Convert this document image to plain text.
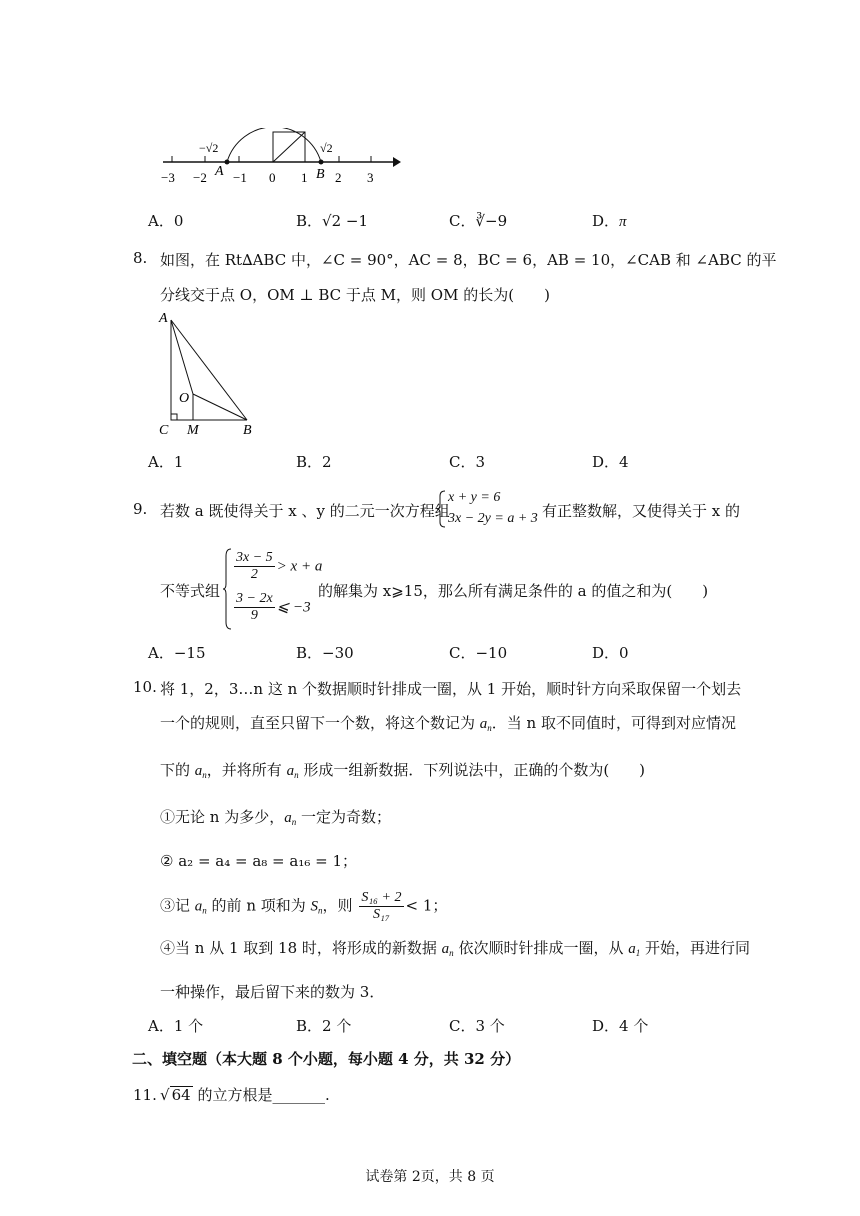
−3 −2 −1 0 1 2 3
A	B
−√2	√2
A．0	B．√2 −1	C．∛−9	D．π
8. 如图，在 Rt∆ABC 中，∠C = 90°，AC = 8，BC = 6，AB = 10，∠CAB 和 ∠ABC 的平
分线交于点 O，OM ⊥ BC 于点 M，则 OM 的长为(　　)
A
O
C M	B
A．1	B．2	C．3	D．4
9. 若数 a 既使得关于 x 、y 的二元一次方程组
x + y = 6
3x − 2y = a + 3 有正整数解，又使得关于 x 的
不等式组
$\frac{3x - 5}{2} > x + a$
$\frac{3 - 2x}{9}$ ⩽ −3
的解集为 x⩾15，那么所有满足条件的 a 的值之和为(　　)
A．−15	B．−30	C．−10	D．0
10. 将 1，2，3…n 这 n 个数据顺时针排成一圈，从 1 开始，顺时针方向采取保留一个划去
一个的规则，直至只留下一个数，将这个数记为 $a_n$．当 n 取不同值时，可得到对应情况
下的 $a_n$，并将所有 $a_n$ 形成一组新数据．下列说法中，正确的个数为(　　)
①无论 n 为多少，$a_n$ 一定为奇数；
② a₂ = a₄ = a₈ = a₁₆ = 1；
③记 $a_n$ 的前 n 项和为 $S_n$，则 $\frac{\text{S₁₆ + 2}}{\text{S₁₇}} < 1$；
④当 n 从 1 取到 18 时，将形成的新数据 $a_n$ 依次顺时针排成一圈，从 $a_1$ 开始，再进行同
一种操作，最后留下来的数为 3．
A．1 个	B．2 个	C．3 个	D．4 个
二、填空题（本大题 8 个小题，每小题 4 分，共 32 分）
11. √ 64 的立方根是_______.
试卷第 2页，共 8 页
